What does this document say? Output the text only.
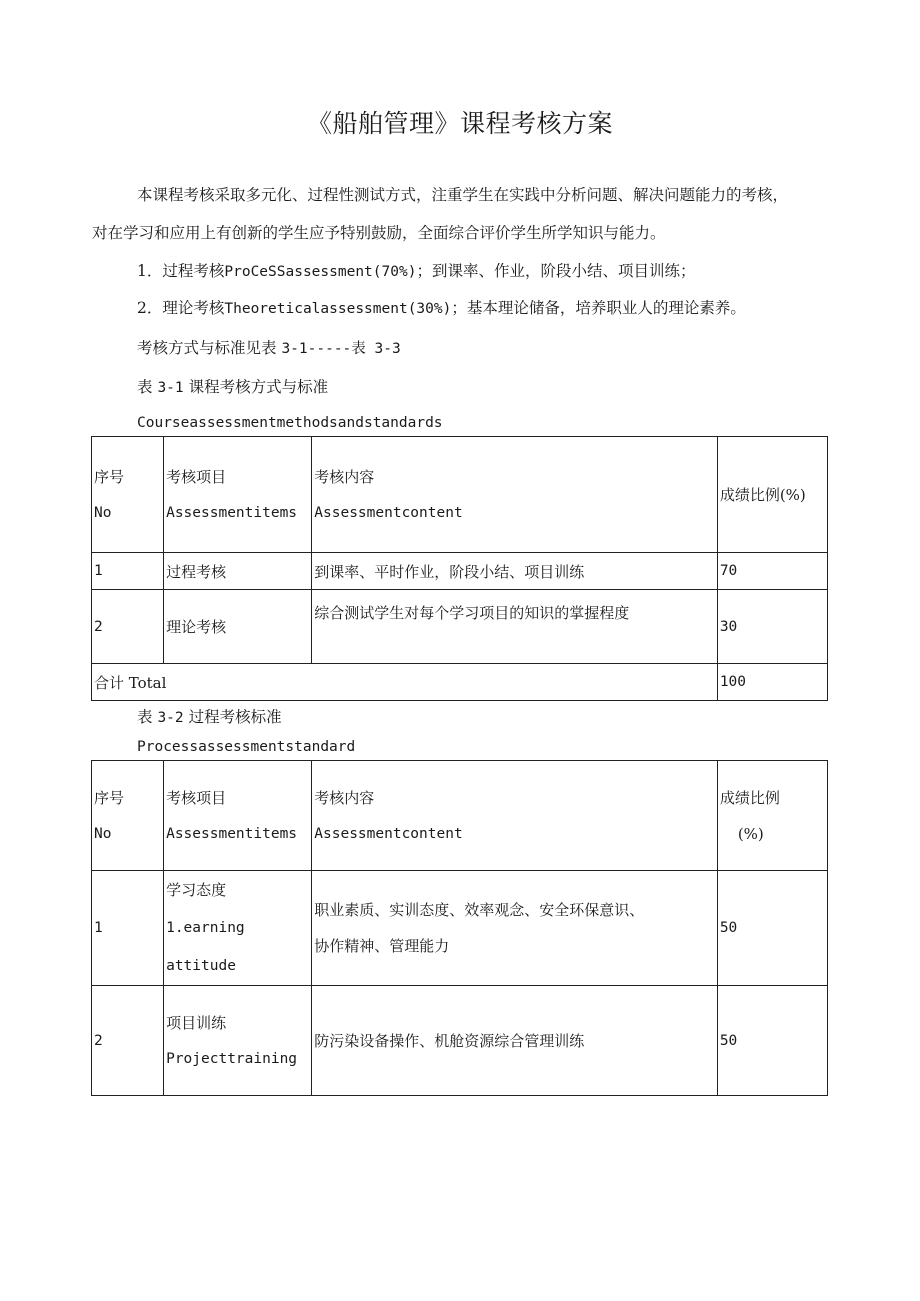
《船舶管理》课程考核方案

本课程考核采取多元化、过程性测试方式，注重学生在实践中分析问题、解决问题能力的考核，

对在学习和应用上有创新的学生应予特别鼓励，全面综合评价学生所学知识与能力。

1．过程考核ProCeSSassessment(70%)；到课率、作业，阶段小结、项目训练；

2．理论考核Theoreticalassessment(30%)；基本理论储备，培养职业人的理论素养。

考核方式与标准见表 3-1-----表 3-3

表 3-1 课程考核方式与标准

Courseassessmentmethodsandstandards

序号
No	考核项目
Assessmentitems	考核内容
Assessmentcontent	成绩比例(%)
1	过程考核	到课率、平时作业，阶段小结、项目训练	70
2	理论考核	综合测试学生对每个学习项目的知识的掌握程度	30
合计 Total			100

表 3-2 过程考核标准

Processassessmentstandard

序号
No	考核项目
Assessmentitems	考核内容
Assessmentcontent	成绩比例
(%)

1	学习态度
1.earning
attitude	职业素质、实训态度、效率观念、安全环保意识、
协作精神、管理能力	50
2	项目训练
Projecttraining	防污染设备操作、机舱资源综合管理训练	50
